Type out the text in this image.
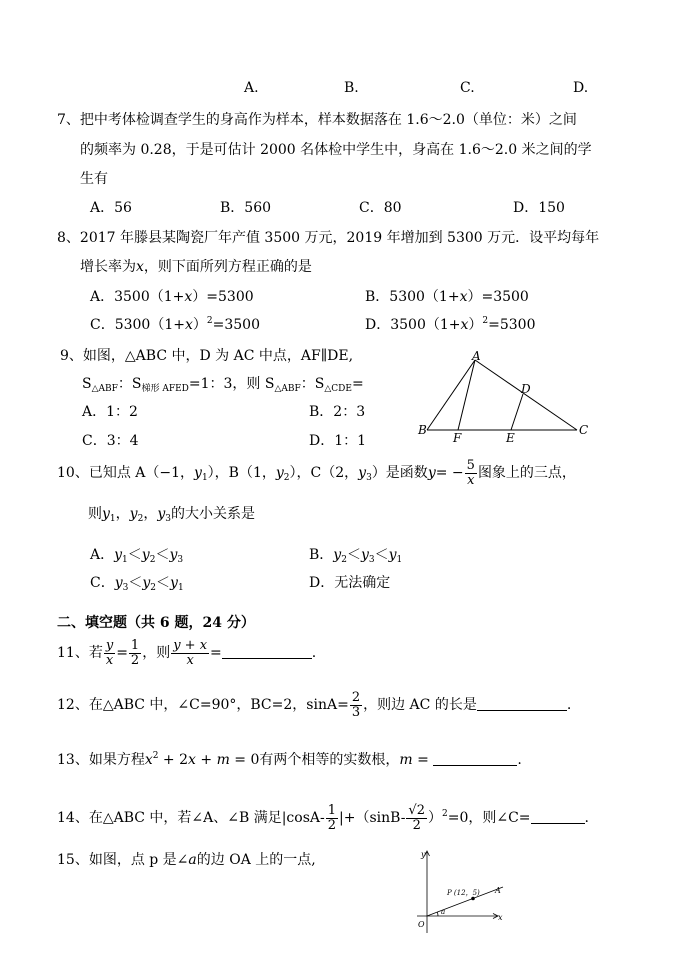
A.	B.	C.	D.
7、把中考体检调查学生的身高作为样本，样本数据落在 1.6～2.0（单位：米）之间
的频率为 0.28，于是可估计 2000 名体检中学生中，身高在 1.6～2.0 米之间的学
生有
A．56	B．560	C．80	D．150
8、2017 年滕县某陶瓷厂年产值 3500 万元，2019 年增加到 5300 万元．设平均每年
增长率为x，则下面所列方程正确的是
A．3500（1+x）=5300	B．5300（1+x）=3500
C．$5300(1+x)^2=3500$	D．$3500(1+x)^2=5300$
9、如图，△ABC 中，D 为 AC 中点，AF∥DE,
$S_{\triangle ABF}$：$S_{梯形 AFED}=1$：3，则 $S_{\triangle ABF}$：$S_{\triangle CDE}=$
A．1：2	B．2：3
C．3：4	D．1：1
A
B	C
D
E
F
10、已知点 A（−1，$y_1$），B（1，$y_2$），C（2，$y_3$）是函数$y= - \frac{5}{x}$ 图象上的三点，
则$y_1$，$y_2$，$y_3$的大小关系是
A．$y_1<y_2<y_3$	B．$y_2<y_3<y_1$
C．$y_3<y_2<y_1$	D．无法确定
二、填空题（共 6 题，24 分）
11、若 $\frac{y}{x} = \frac{1}{2}$ ，则 $\frac{y + x}{x}$ =	.
12、在△ABC 中，∠C=90°，BC=2，$\sin A= \frac{2}{3}$ ，则边 AC 的长是	.
13、如果方程$x^2 + 2x + m = 0$有两个相等的实数根，m =	.
14、在△ABC 中，若∠A、∠B 满足$|\cos A- \frac{1}{2} |+(\sin B- \frac{√2}{2} )^2=0$，则∠C=	.
15、如图，点 p 是∠a的边 OA 上的一点,	y
x
O
A
a
P (12，5)
